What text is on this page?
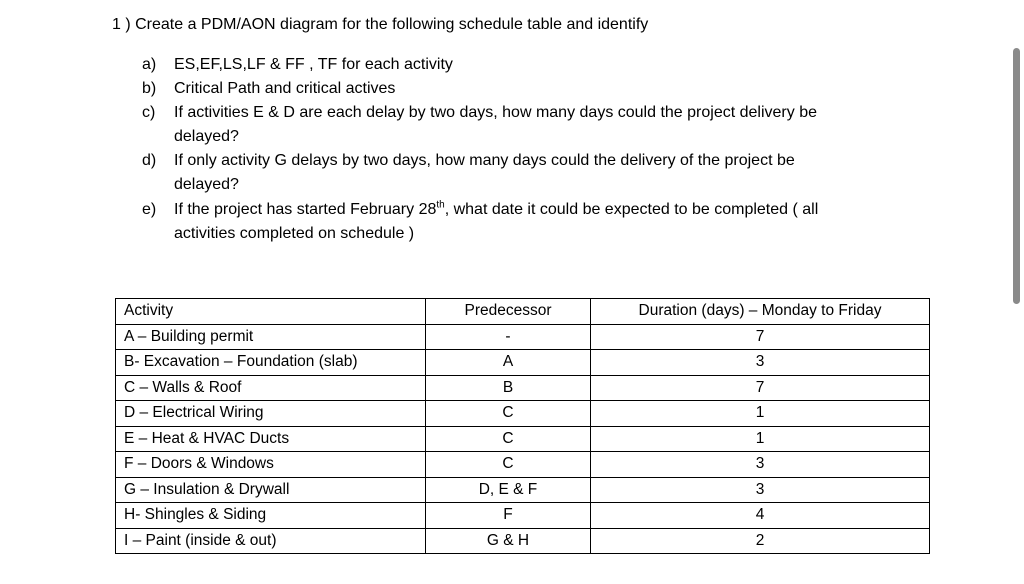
1 ) Create a PDM/AON diagram for the following schedule table and identify
a)	ES,EF,LS,LF & FF , TF for each activity
b)	Critical Path and critical actives
c)	If activities E & D are each delay by two days, how many days could the project delivery be
delayed?
d)	If only activity G delays by two days, how many days could the delivery of the project be
delayed?
e)	If the project has started February 28th, what date it could be expected to be completed ( all
activities completed on schedule )
Activity	Predecessor	Duration (days) – Monday to Friday
A – Building permit	-	7
B- Excavation – Foundation (slab)	A	3
C – Walls & Roof	B	7
D – Electrical Wiring	C	1
E – Heat & HVAC Ducts	C	1
F – Doors & Windows	C	3
G – Insulation & Drywall	D, E & F	3
H- Shingles & Siding	F	4
I – Paint (inside & out)	G & H	2
